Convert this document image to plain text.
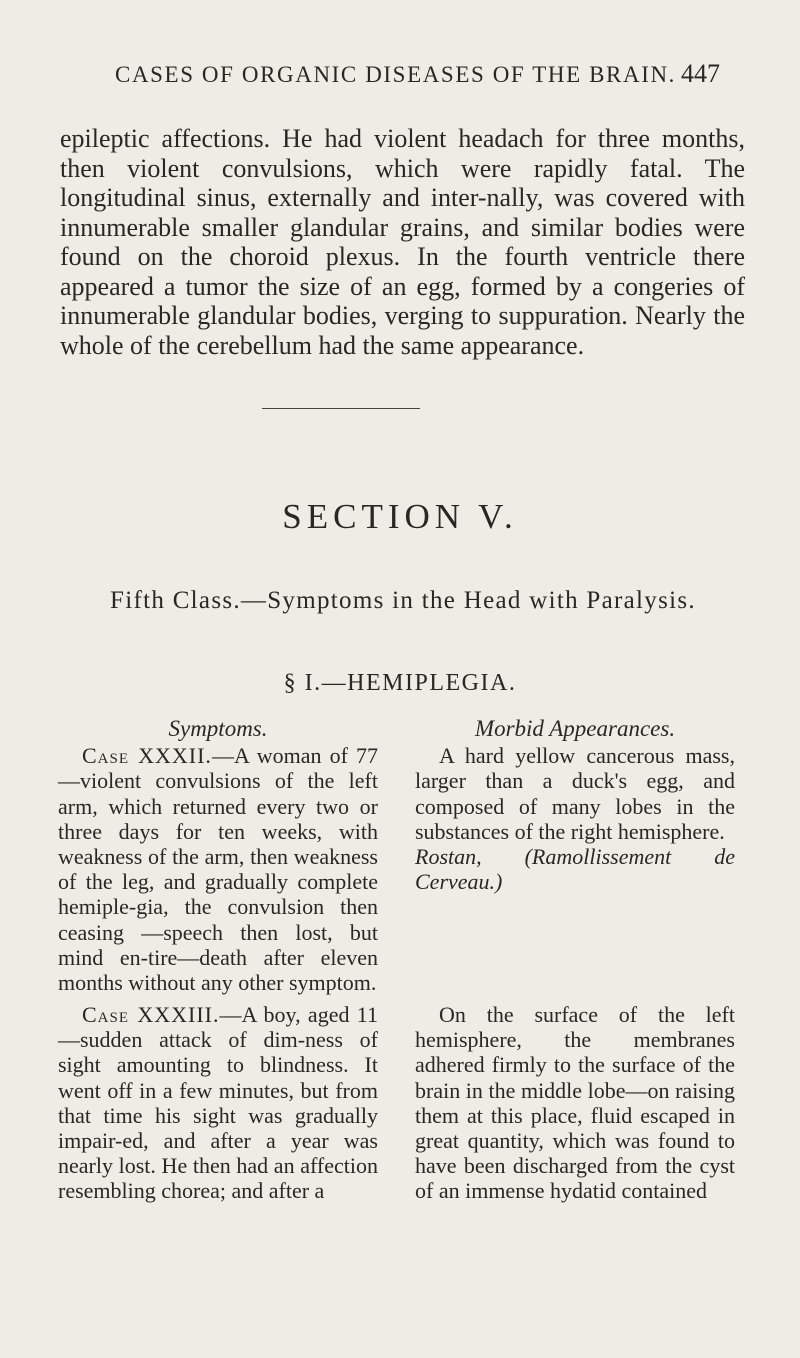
CASES OF ORGANIC DISEASES OF THE BRAIN. 447

epileptic affections. He had violent headach for three months, then violent convulsions, which were rapidly fatal. The longitudinal sinus, externally and inter-nally, was covered with innumerable smaller glandular grains, and similar bodies were found on the choroid plexus. In the fourth ventricle there appeared a tumor the size of an egg, formed by a congeries of innumerable glandular bodies, verging to suppuration. Nearly the whole of the cerebellum had the same appearance.

SECTION V.
Fifth Class.—Symptoms in the Head with Paralysis.
§ I.—HEMIPLEGIA.
Symptoms.

Case XXXII.—A woman of 77—violent convulsions of the left arm, which returned every two or three days for ten weeks, with weakness of the arm, then weakness of the leg, and gradually complete hemiple-gia, the convulsion then ceasing —speech then lost, but mind en-tire—death after eleven months without any other symptom.

Morbid Appearances.

A hard yellow cancerous mass, larger than a duck's egg, and composed of many lobes in the substances of the right hemisphere.

Rostan, (Ramollissement de Cerveau.)

Case XXXIII.—A boy, aged 11—sudden attack of dim-ness of sight amounting to blindness. It went off in a few minutes, but from that time his sight was gradually impair-ed, and after a year was nearly lost. He then had an affection resembling chorea; and after a

On the surface of the left hemisphere, the membranes adhered firmly to the surface of the brain in the middle lobe—on raising them at this place, fluid escaped in great quantity, which was found to have been discharged from the cyst of an immense hydatid contained
